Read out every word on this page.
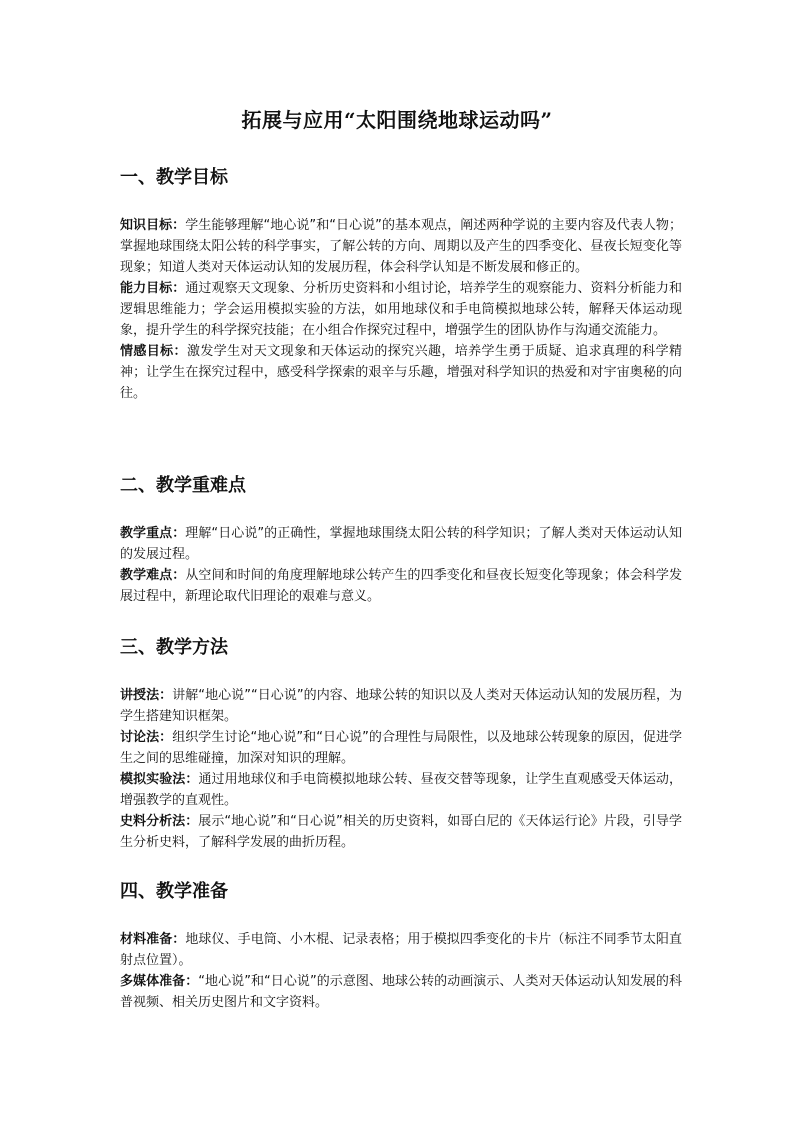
拓展与应用“太阳围绕地球运动吗”
一、教学目标

知识目标：学生能够理解“地心说”和“日心说”的基本观点，阐述两种学说的主要内容及代表人物；掌握地球围绕太阳公转的科学事实，了解公转的方向、周期以及产生的四季变化、昼夜长短变化等现象；知道人类对天体运动认知的发展历程，体会科学认知是不断发展和修正的。

能力目标：通过观察天文现象、分析历史资料和小组讨论，培养学生的观察能力、资料分析能力和逻辑思维能力；学会运用模拟实验的方法，如用地球仪和手电筒模拟地球公转，解释天体运动现象，提升学生的科学探究技能；在小组合作探究过程中，增强学生的团队协作与沟通交流能力。

情感目标：激发学生对天文现象和天体运动的探究兴趣，培养学生勇于质疑、追求真理的科学精神；让学生在探究过程中，感受科学探索的艰辛与乐趣，增强对科学知识的热爱和对宇宙奥秘的向往。

二、教学重难点

教学重点：理解“日心说”的正确性，掌握地球围绕太阳公转的科学知识；了解人类对天体运动认知的发展过程。

教学难点：从空间和时间的角度理解地球公转产生的四季变化和昼夜长短变化等现象；体会科学发展过程中，新理论取代旧理论的艰难与意义。

三、教学方法

讲授法：讲解“地心说”“日心说”的内容、地球公转的知识以及人类对天体运动认知的发展历程，为学生搭建知识框架。

讨论法：组织学生讨论“地心说”和“日心说”的合理性与局限性，以及地球公转现象的原因，促进学生之间的思维碰撞，加深对知识的理解。

模拟实验法：通过用地球仪和手电筒模拟地球公转、昼夜交替等现象，让学生直观感受天体运动，增强教学的直观性。

史料分析法：展示“地心说”和“日心说”相关的历史资料，如哥白尼的《天体运行论》片段，引导学生分析史料，了解科学发展的曲折历程。

四、教学准备

材料准备：地球仪、手电筒、小木棍、记录表格；用于模拟四季变化的卡片（标注不同季节太阳直射点位置）。

多媒体准备：“地心说”和“日心说”的示意图、地球公转的动画演示、人类对天体运动认知发展的科普视频、相关历史图片和文字资料。
